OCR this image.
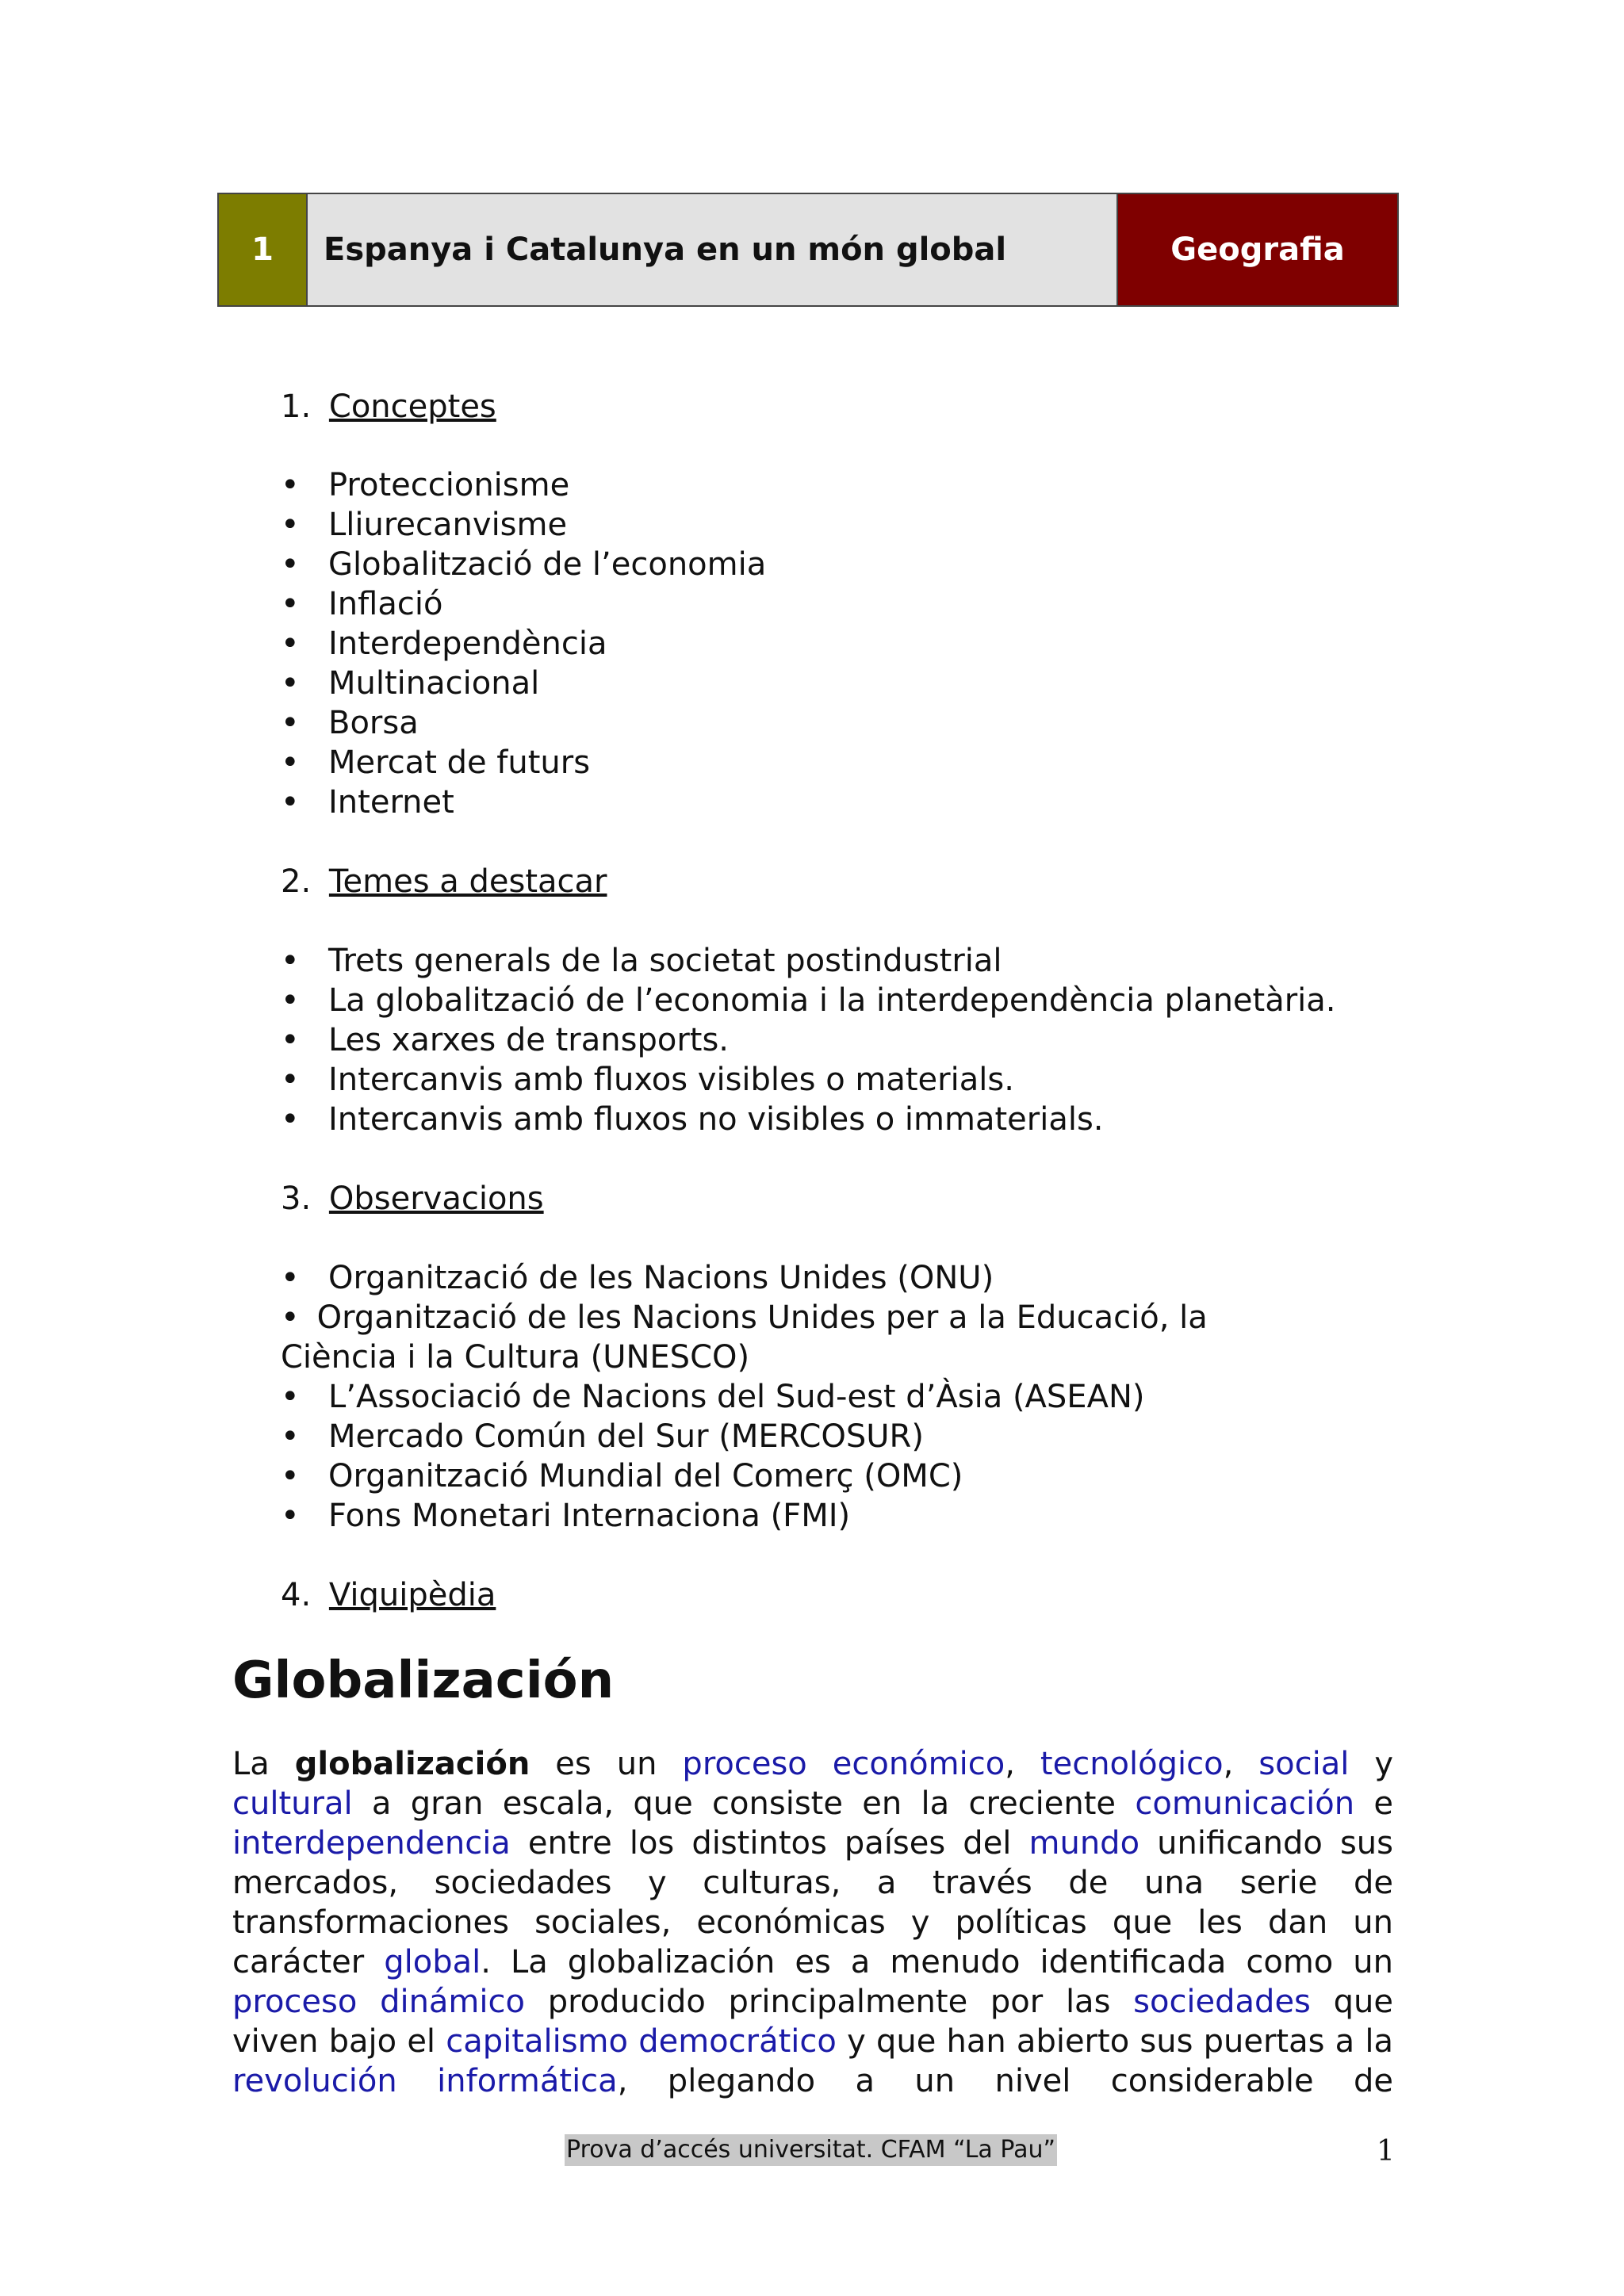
1	Espanya i Catalunya en un món global	Geografia
1. Conceptes
• Proteccionisme
• Lliurecanvisme
• Globalització de l’economia
• Inflació
• Interdependència
• Multinacional
• Borsa
• Mercat de futurs
• Internet
2. Temes a destacar
• Trets generals de la societat postindustrial
• La globalització de l’economia i la interdependència planetària.
• Les xarxes de transports.
• Intercanvis amb fluxos visibles o materials.
• Intercanvis amb fluxos no visibles o immaterials.
3. Observacions
• Organització de les Nacions Unides (ONU)
• Organització de les Nacions Unides per a la Educació, la Ciència i la Cultura (UNESCO)
• L’Associació de Nacions del Sud-est d’Àsia (ASEAN)
• Mercado Común del Sur (MERCOSUR)
• Organització Mundial del Comerç (OMC)
• Fons Monetari Internaciona (FMI)
4. Viquipèdia
Globalización

La globalización es un proceso económico, tecnológico, social y cultural a gran escala, que consiste en la creciente comunicación e interdependencia entre los distintos países del mundo unificando sus mercados, sociedades y culturas, a través de una serie de transformaciones sociales, económicas y políticas que les dan un carácter global. La globalización es a menudo identificada como un proceso dinámico producido principalmente por las sociedades que viven bajo el capitalismo democrático y que han abierto sus puertas a la revolución informática, plegando a un nivel considerable de

Prova d’accés universitat. CFAM “La Pau”	1
